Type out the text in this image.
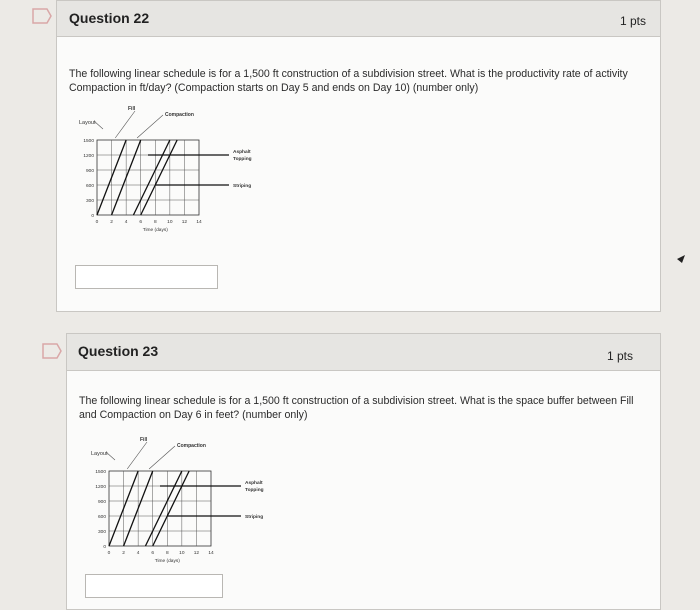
Question 22	1 pts
The following linear schedule is for a 1,500 ft construction of a subdivision street. What is the productivity rate of activity Compaction in ft/day? (Compaction starts on Day 5 and ends on Day 10) (number only)
Layout
1500
1200
900
600
300
0
0 2 4 6 8 10 12 14
Time (days)
Fill
Compaction
Asphalt
Topping
Striping
Question 23	1 pts
The following linear schedule is for a 1,500 ft construction of a subdivision street. What is the space buffer between Fill and Compaction on Day 6 in feet? (number only)
Layout
1500
1200
900
600
300
0
0 2 4 6 8 10 12 14
Time (days)
Fill
Compaction
Asphalt
Topping
Striping
